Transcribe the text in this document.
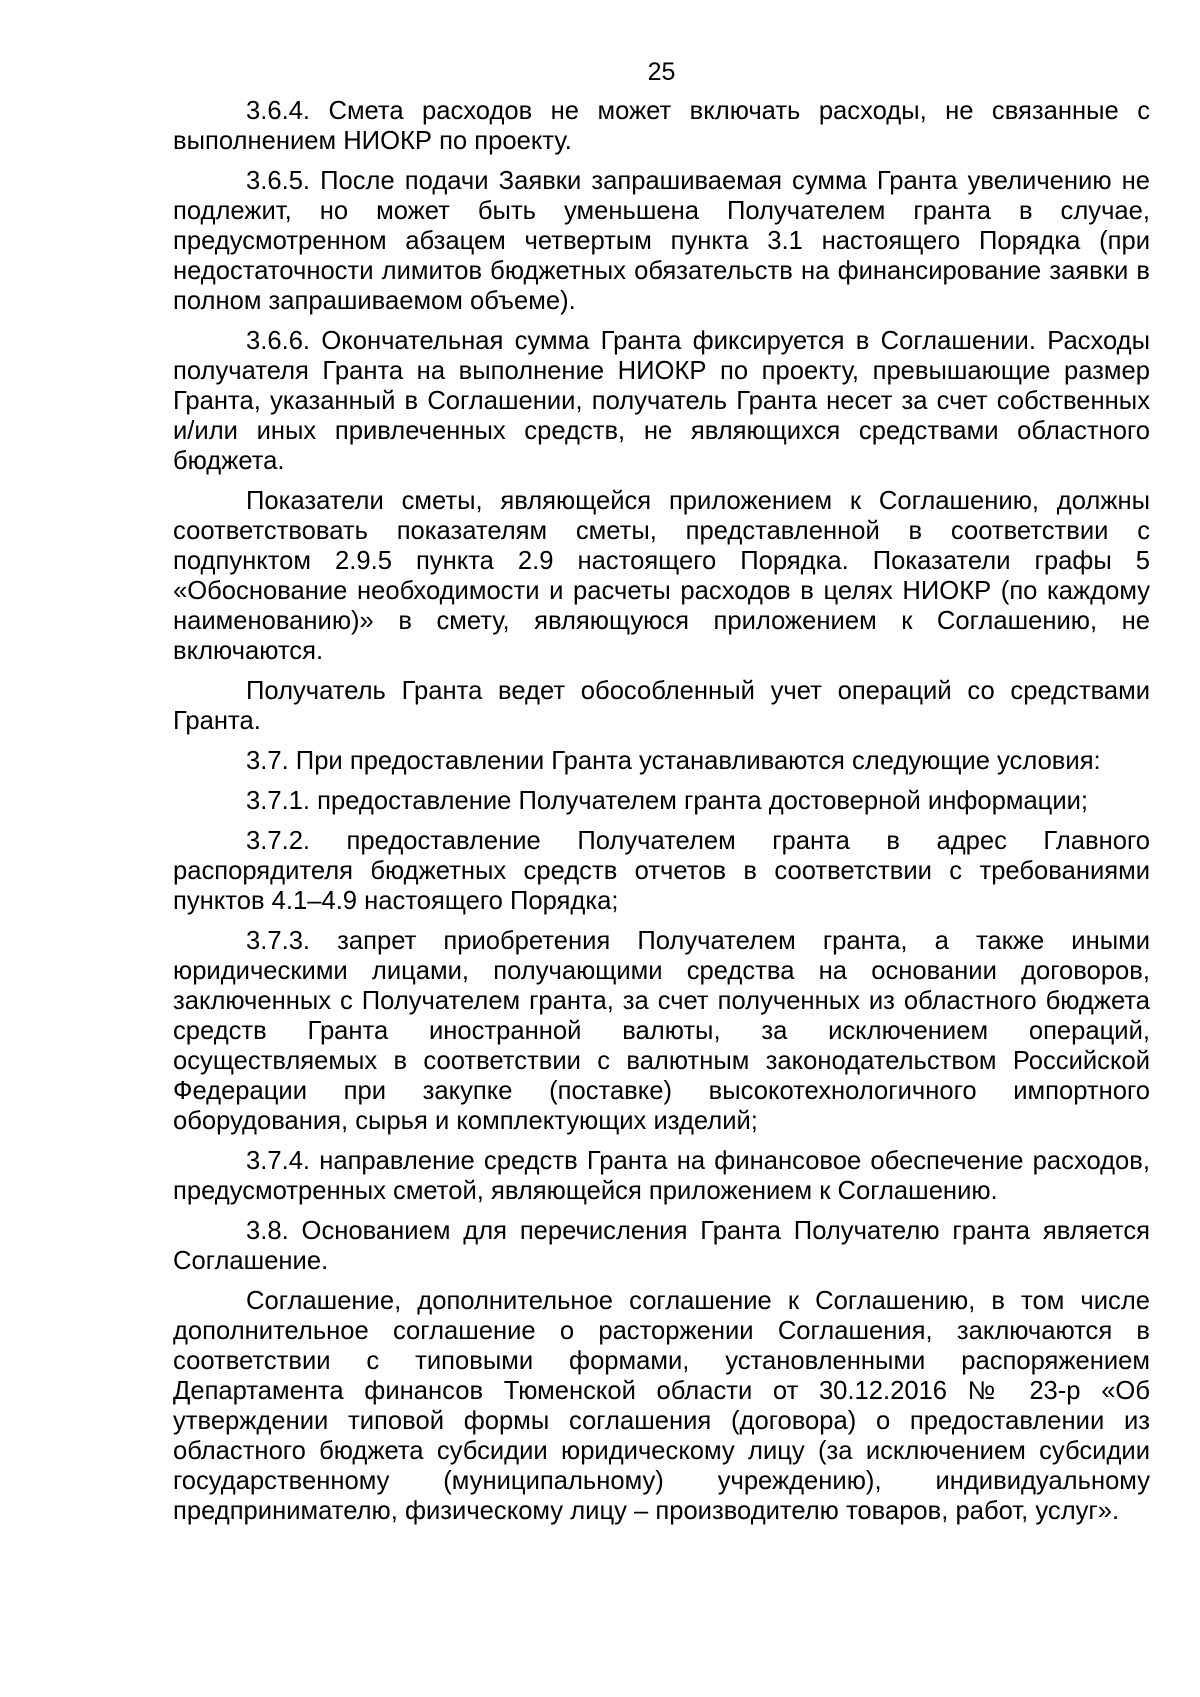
25

3.6.4. Смета расходов не может включать расходы, не связанные с выполнением НИОКР по проекту.

3.6.5. После подачи Заявки запрашиваемая сумма Гранта увеличению не подлежит, но может быть уменьшена Получателем гранта в случае, предусмотренном абзацем четвертым пункта 3.1 настоящего Порядка (при недостаточности лимитов бюджетных обязательств на финансирование заявки в полном запрашиваемом объеме).

3.6.6. Окончательная сумма Гранта фиксируется в Соглашении. Расходы получателя Гранта на выполнение НИОКР по проекту, превышающие размер Гранта, указанный в Соглашении, получатель Гранта несет за счет собственных и/или иных привлеченных средств, не являющихся средствами областного бюджета.

Показатели сметы, являющейся приложением к Соглашению, должны соответствовать показателям сметы, представленной в соответствии с подпунктом 2.9.5 пункта 2.9 настоящего Порядка. Показатели графы 5 «Обоснование необходимости и расчеты расходов в целях НИОКР (по каждому наименованию)» в смету, являющуюся приложением к Соглашению, не включаются.

Получатель Гранта ведет обособленный учет операций со средствами Гранта.

3.7. При предоставлении Гранта устанавливаются следующие условия:

3.7.1. предоставление Получателем гранта достоверной информации;

3.7.2. предоставление Получателем гранта в адрес Главного распорядителя бюджетных средств отчетов в соответствии с требованиями пунктов 4.1–4.9 настоящего Порядка;

3.7.3. запрет приобретения Получателем гранта, а также иными юридическими лицами, получающими средства на основании договоров, заключенных с Получателем гранта, за счет полученных из областного бюджета средств Гранта иностранной валюты, за исключением операций, осуществляемых в соответствии с валютным законодательством Российской Федерации при закупке (поставке) высокотехнологичного импортного оборудования, сырья и комплектующих изделий;

3.7.4. направление средств Гранта на финансовое обеспечение расходов, предусмотренных сметой, являющейся приложением к Соглашению.

3.8. Основанием для перечисления Гранта Получателю гранта является Соглашение.

Соглашение, дополнительное соглашение к Соглашению, в том числе дополнительное соглашение о расторжении Соглашения, заключаются в соответствии с типовыми формами, установленными распоряжением Департамента финансов Тюменской области от 30.12.2016 № 23-р «Об утверждении типовой формы соглашения (договора) о предоставлении из областного бюджета субсидии юридическому лицу (за исключением субсидии государственному (муниципальному) учреждению), индивидуальному предпринимателю, физическому лицу – производителю товаров, работ, услуг».
